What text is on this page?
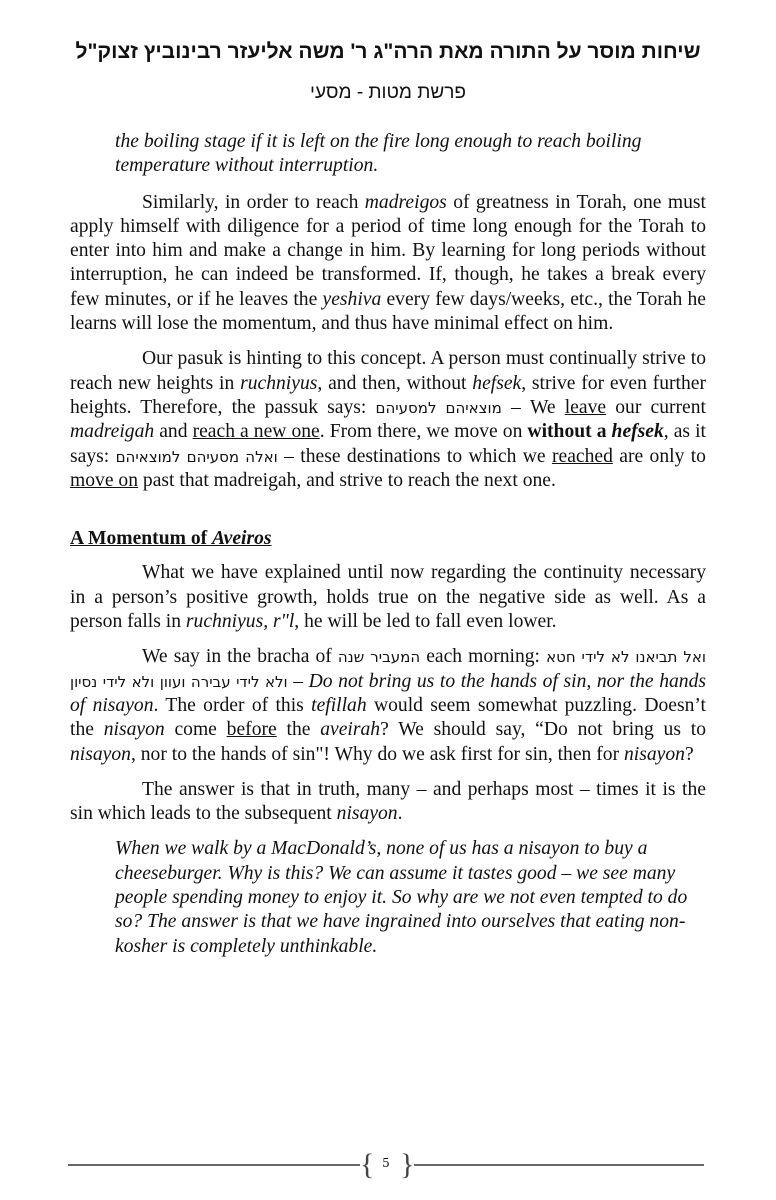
שיחות מוסר על התורה מאת הרה"ג ר' משה אליעזר רבינוביץ זצוק"ל
פרשת מטות - מסעי
the boiling stage if it is left on the fire long enough to reach boiling temperature without interruption.
Similarly, in order to reach madreigos of greatness in Torah, one must apply himself with diligence for a period of time long enough for the Torah to enter into him and make a change in him. By learning for long periods without interruption, he can indeed be transformed. If, though, he takes a break every few minutes, or if he leaves the yeshiva every few days/weeks, etc., the Torah he learns will lose the momentum, and thus have minimal effect on him.
Our pasuk is hinting to this concept. A person must continually strive to reach new heights in ruchniyus, and then, without hefsek, strive for even further heights. Therefore, the passuk says: מוצאיהם למסעיהם – We leave our current madreigah and reach a new one. From there, we move on without a hefsek, as it says: ואלה מסעיהם למוצאיהם – these destinations to which we reached are only to move on past that madreigah, and strive to reach the next one.
A Momentum of Aveiros
What we have explained until now regarding the continuity necessary in a person’s positive growth, holds true on the negative side as well. As a person falls in ruchniyus, r"l, he will be led to fall even lower.
We say in the bracha of המעביר שנה each morning: ואל תביאנו לא לידי חטא ולא לידי עבירה ועוון ולא לידי נסיון – Do not bring us to the hands of sin, nor the hands of nisayon. The order of this tefillah would seem somewhat puzzling. Doesn’t the nisayon come before the aveirah? We should say, “Do not bring us to nisayon, nor to the hands of sin"! Why do we ask first for sin, then for nisayon?
The answer is that in truth, many – and perhaps most – times it is the sin which leads to the subsequent nisayon.
When we walk by a MacDonald’s, none of us has a nisayon to buy a cheeseburger. Why is this? We can assume it tastes good – we see many people spending money to enjoy it. So why are we not even tempted to do so? The answer is that we have ingrained into ourselves that eating non-kosher is completely unthinkable.
{ 5 }
